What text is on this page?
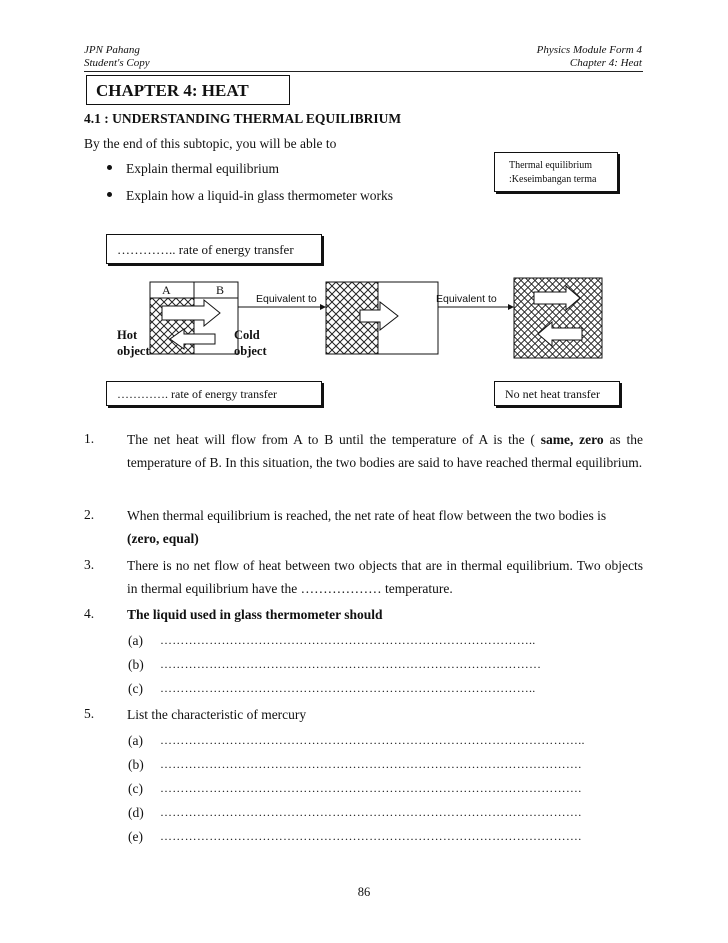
JPN Pahang
Student's Copy
Physics Module Form 4
Chapter 4: Heat
CHAPTER 4: HEAT
4.1 : UNDERSTANDING THERMAL EQUILIBRIUM
By the end of this subtopic, you will be able to
Explain thermal equilibrium
Explain how a liquid-in glass thermometer works
Thermal equilibrium
:Keseimbangan terma
………….. rate of energy transfer
A	B
Equivalent to	Equivalent to
Hot
object
Cold
object
…………. rate of energy transfer	No net heat transfer
1. The net heat will flow from A to B until the temperature of A is the ( same, zero as the temperature of B. In this situation, the two bodies are said to have reached thermal equilibrium.
2. When thermal equilibrium is reached, the net rate of heat flow between the two bodies is
(zero, equal)
3. There is no net flow of heat between two objects that are in thermal equilibrium. Two objects in thermal equilibrium have the ……………… temperature.
4. The liquid used in glass thermometer should
(a) ………………………………………………………………………………..
(b) …………………………………………………………………………………
(c) ………………………………………………………………………………..
5. List the characteristic of mercury
(a) …………………………………………………………………………………………..
(b) ………………………………………………………………………………………….
(c) ………………………………………………………………………………………….
(d) ………………………………………………………………………………………….
(e) ………………………………………………………………………………………….
86
